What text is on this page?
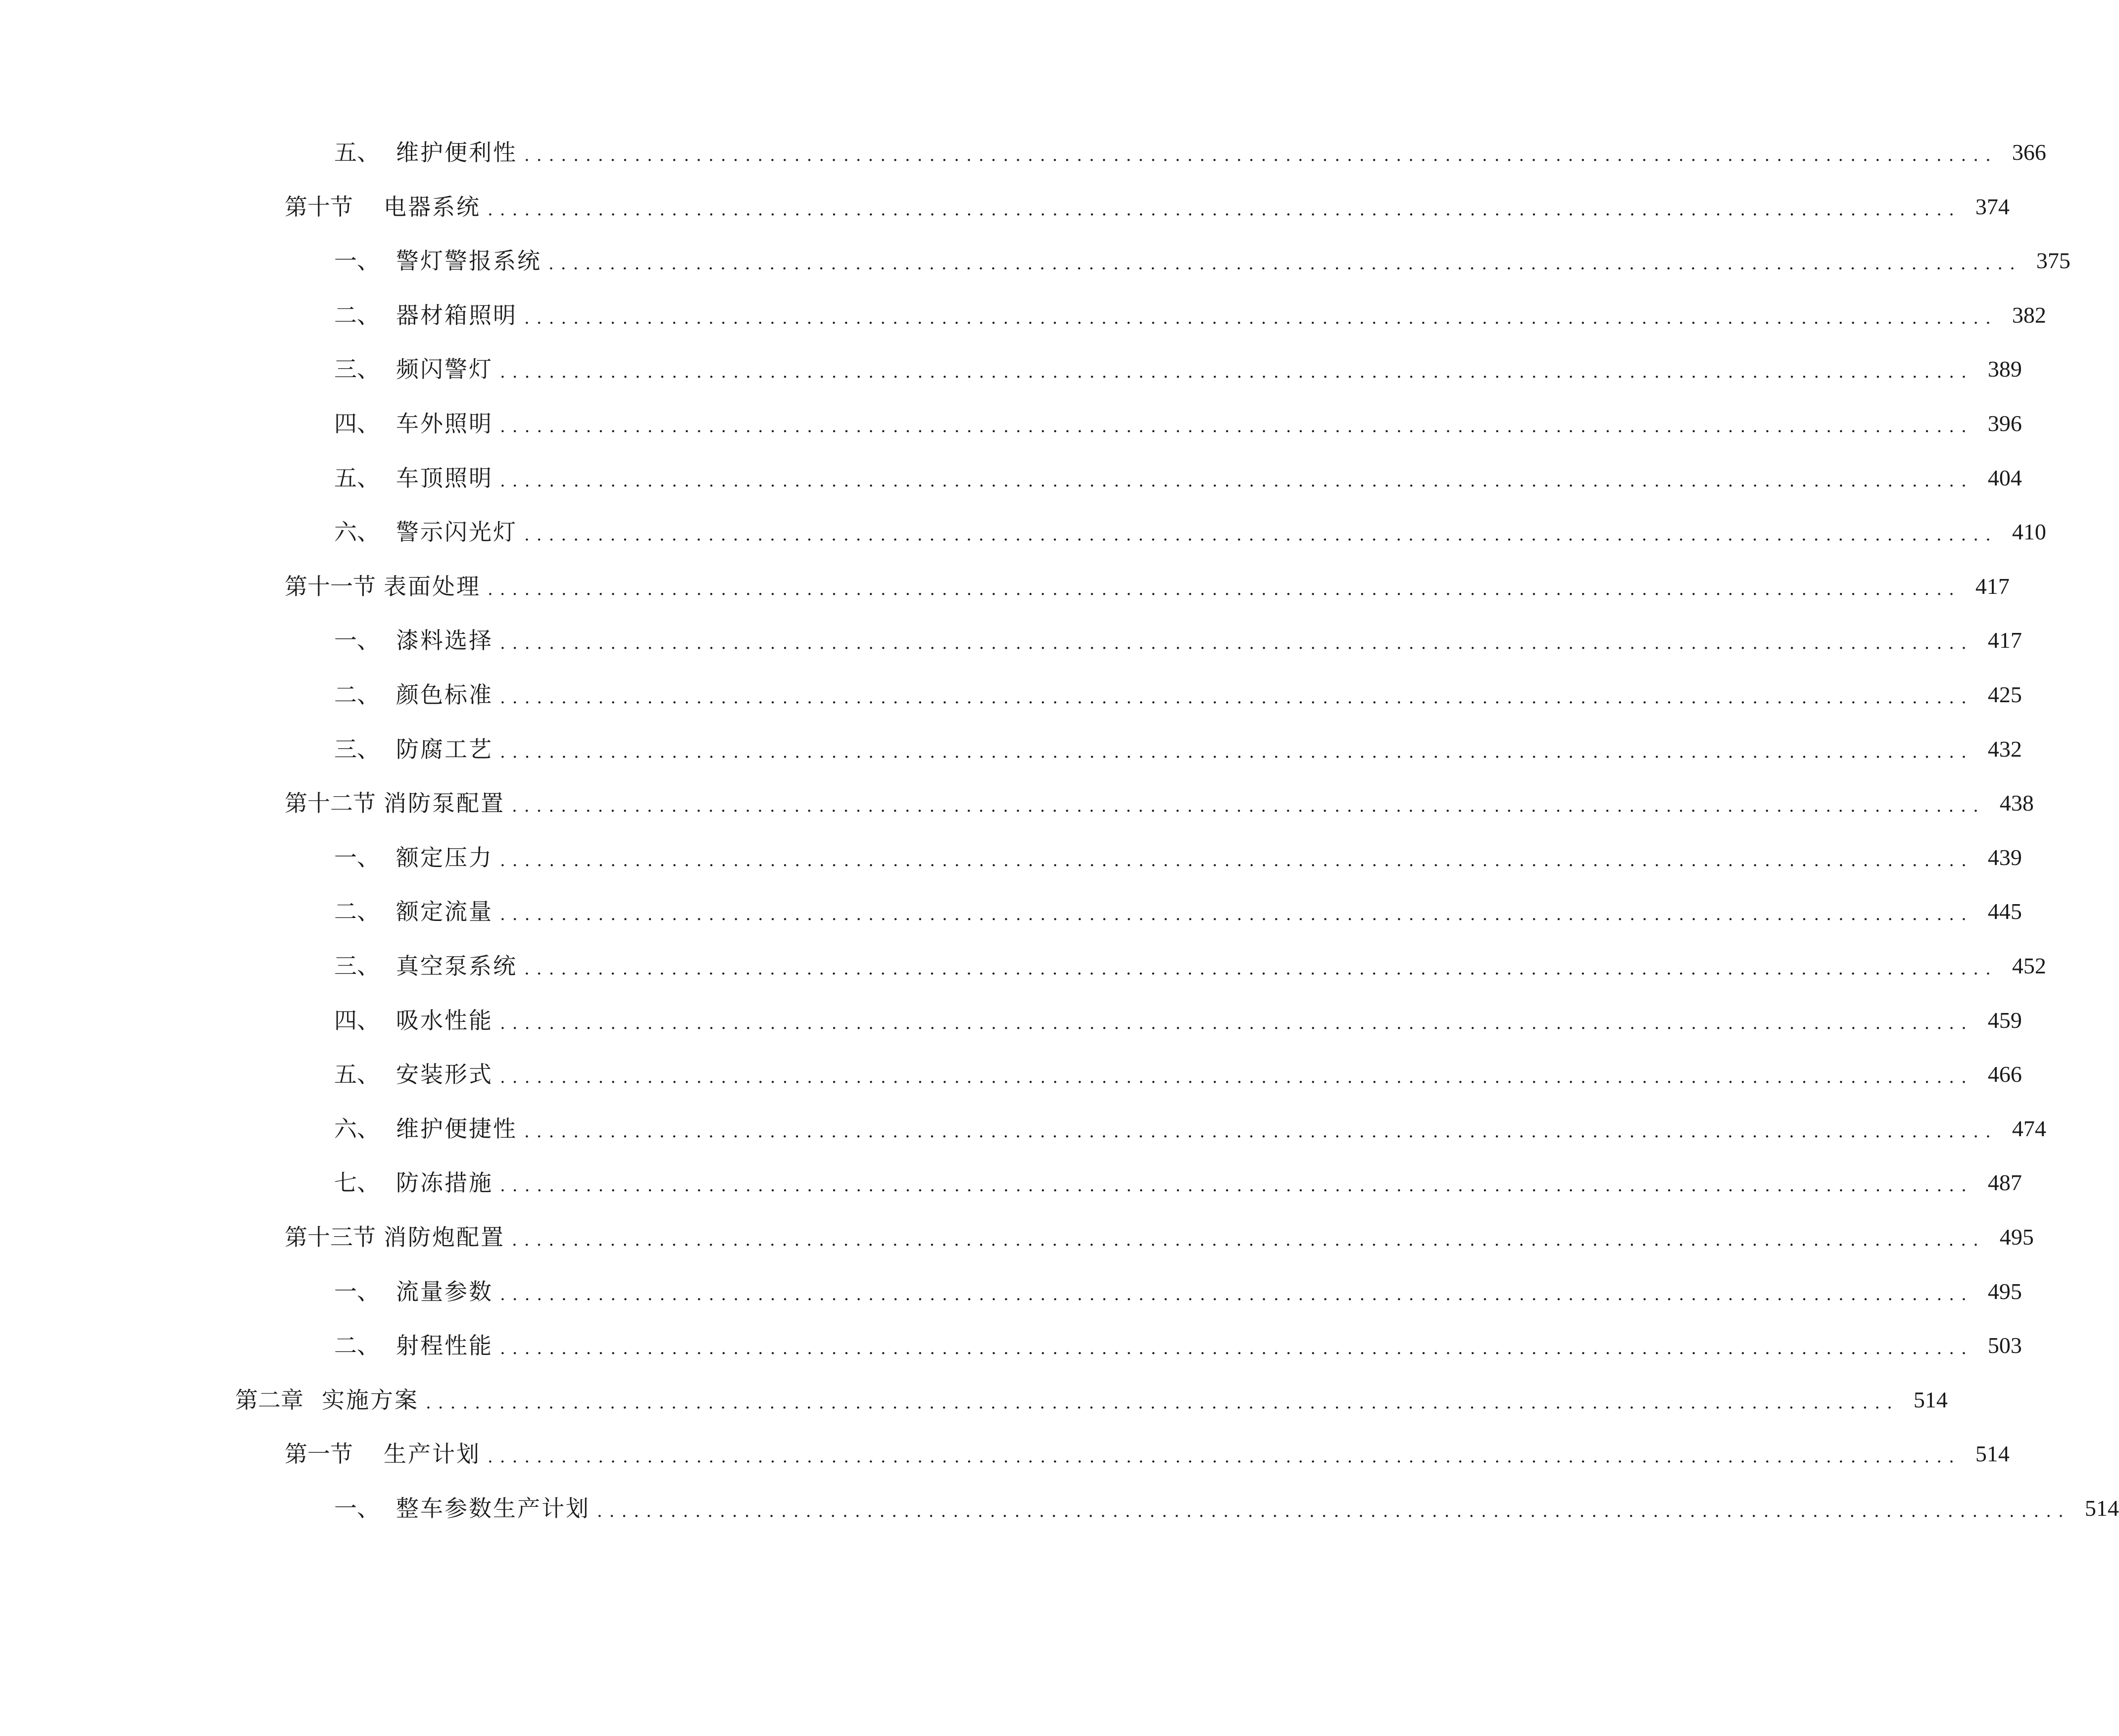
五、 维护便利性 ........................................................................................................................ 366
第十节	电器系统 ........................................................................................................................ 374
一、 警灯警报系统 ........................................................................................................................ 375
二、 器材箱照明 ........................................................................................................................ 382
三、 频闪警灯 ........................................................................................................................ 389
四、 车外照明 ........................................................................................................................ 396
五、 车顶照明 ........................................................................................................................ 404
六、 警示闪光灯 ........................................................................................................................ 410
第十一节 表面处理 ........................................................................................................................ 417
一、 漆料选择 ........................................................................................................................ 417
二、 颜色标准 ........................................................................................................................ 425
三、 防腐工艺 ........................................................................................................................ 432
第十二节 消防泵配置 ........................................................................................................................ 438
一、 额定压力 ........................................................................................................................ 439
二、 额定流量 ........................................................................................................................ 445
三、 真空泵系统 ........................................................................................................................ 452
四、 吸水性能 ........................................................................................................................ 459
五、 安装形式 ........................................................................................................................ 466
六、 维护便捷性 ........................................................................................................................ 474
七、 防冻措施 ........................................................................................................................ 487
第十三节 消防炮配置 ........................................................................................................................ 495
一、 流量参数 ........................................................................................................................ 495
二、 射程性能 ........................................................................................................................ 503
第二章 实施方案 ........................................................................................................................ 514
第一节	生产计划 ........................................................................................................................ 514
一、 整车参数生产计划 ........................................................................................................................ 514
